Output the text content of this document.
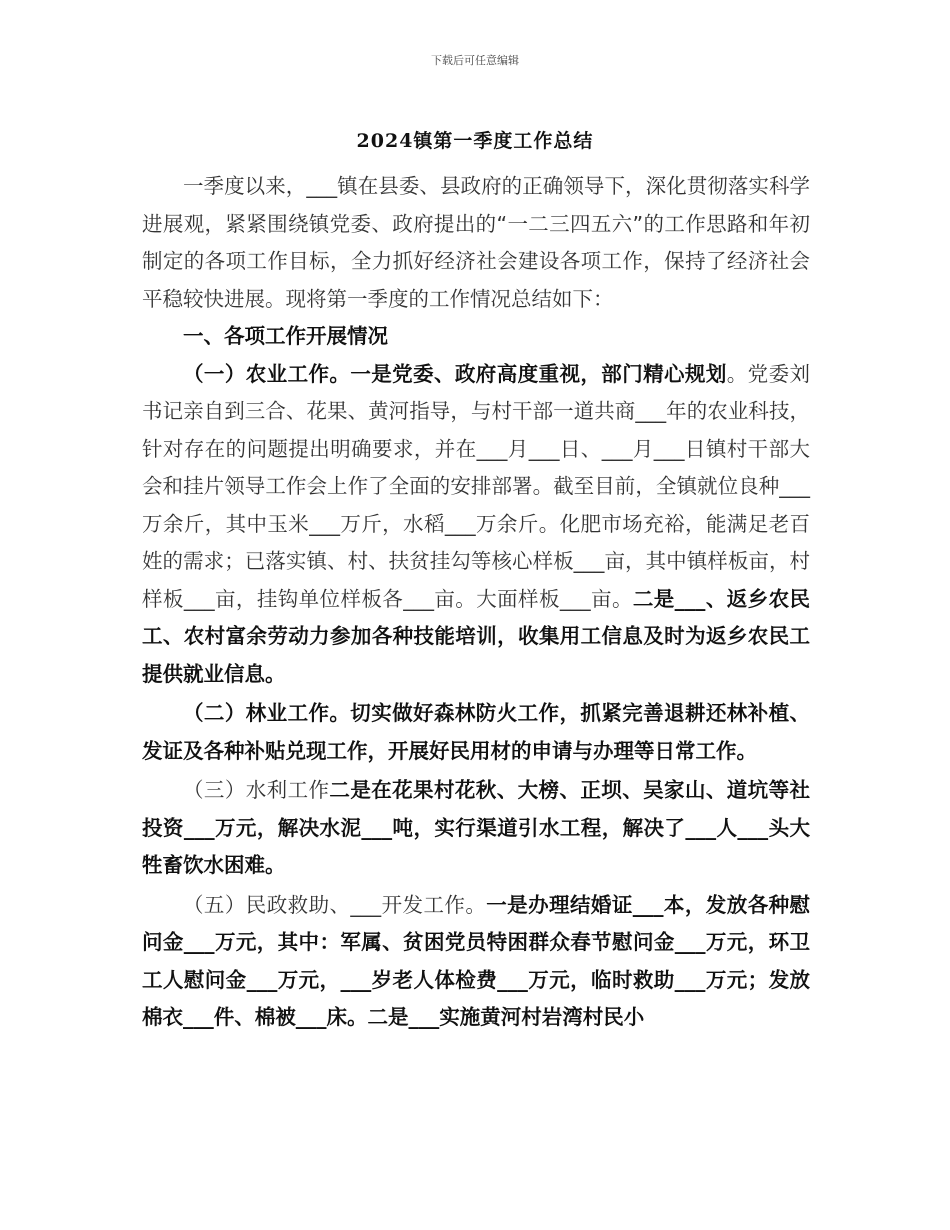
下载后可任意编辑
2024镇第一季度工作总结

一季度以来，___镇在县委、县政府的正确领导下，深化贯彻落实科学进展观，紧紧围绕镇党委、政府提出的“一二三四五六”的工作思路和年初制定的各项工作目标，全力抓好经济社会建设各项工作，保持了经济社会平稳较快进展。现将第一季度的工作情况总结如下：

一、各项工作开展情况

（一）农业工作。一是党委、政府高度重视，部门精心规划。党委刘书记亲自到三合、花果、黄河指导，与村干部一道共商___年的农业科技，针对存在的问题提出明确要求，并在___月___日、___月___日镇村干部大会和挂片领导工作会上作了全面的安排部署。截至目前，全镇就位良种___万余斤，其中玉米___万斤，水稻___万余斤。化肥市场充裕，能满足老百姓的需求；已落实镇、村、扶贫挂勾等核心样板___亩，其中镇样板亩，村样板___亩，挂钩单位样板各___亩。大面样板___亩。二是___、返乡农民工、农村富余劳动力参加各种技能培训，收集用工信息及时为返乡农民工提供就业信息。

（二）林业工作。切实做好森林防火工作，抓紧完善退耕还林补植、发证及各种补贴兑现工作，开展好民用材的申请与办理等日常工作。

（三）水利工作二是在花果村花秋、大榜、正坝、吴家山、道坑等社投资___万元，解决水泥___吨，实行渠道引水工程，解决了___人___头大牲畜饮水困难。

（五）民政救助、___开发工作。一是办理结婚证___本，发放各种慰问金___万元，其中：军属、贫困党员特困群众春节慰问金___万元，环卫工人慰问金___万元，___岁老人体检费___万元，临时救助___万元；发放棉衣___件、棉被___床。二是___实施黄河村岩湾村民小
